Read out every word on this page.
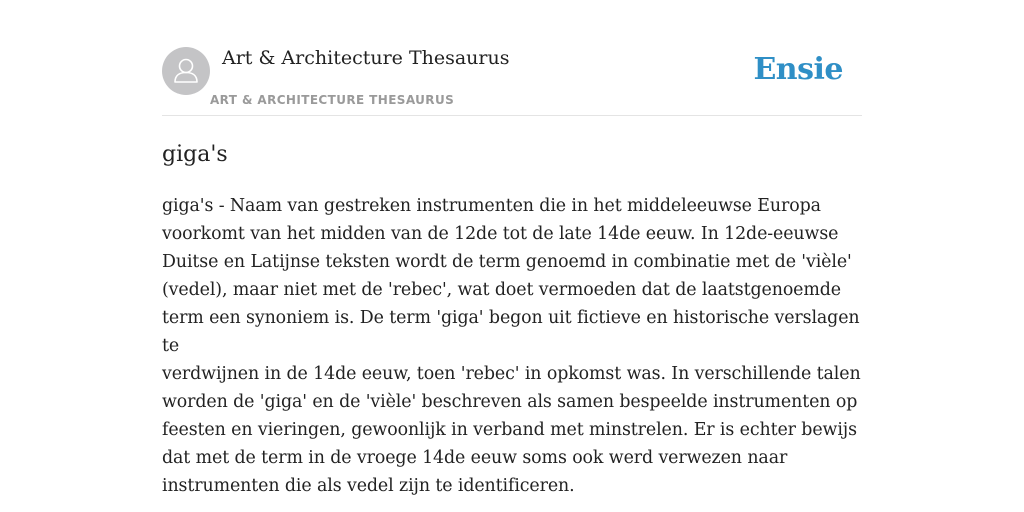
Art & Architecture Thesaurus
ART & ARCHITECTURE THESAURUS
Ensie
giga's
giga's - Naam van gestreken instrumenten die in het middeleeuwse Europa
voorkomt van het midden van de 12de tot de late 14de eeuw. In 12de-eeuwse
Duitse en Latijnse teksten wordt de term genoemd in combinatie met de 'vièle'
(vedel), maar niet met de 'rebec', wat doet vermoeden dat de laatstgenoemde
term een synoniem is. De term 'giga' begon uit fictieve en historische verslagen te
verdwijnen in de 14de eeuw, toen 'rebec' in opkomst was. In verschillende talen
worden de 'giga' en de 'vièle' beschreven als samen bespeelde instrumenten op
feesten en vieringen, gewoonlijk in verband met minstrelen. Er is echter bewijs
dat met de term in de vroege 14de eeuw soms ook werd verwezen naar
instrumenten die als vedel zijn te identificeren.
